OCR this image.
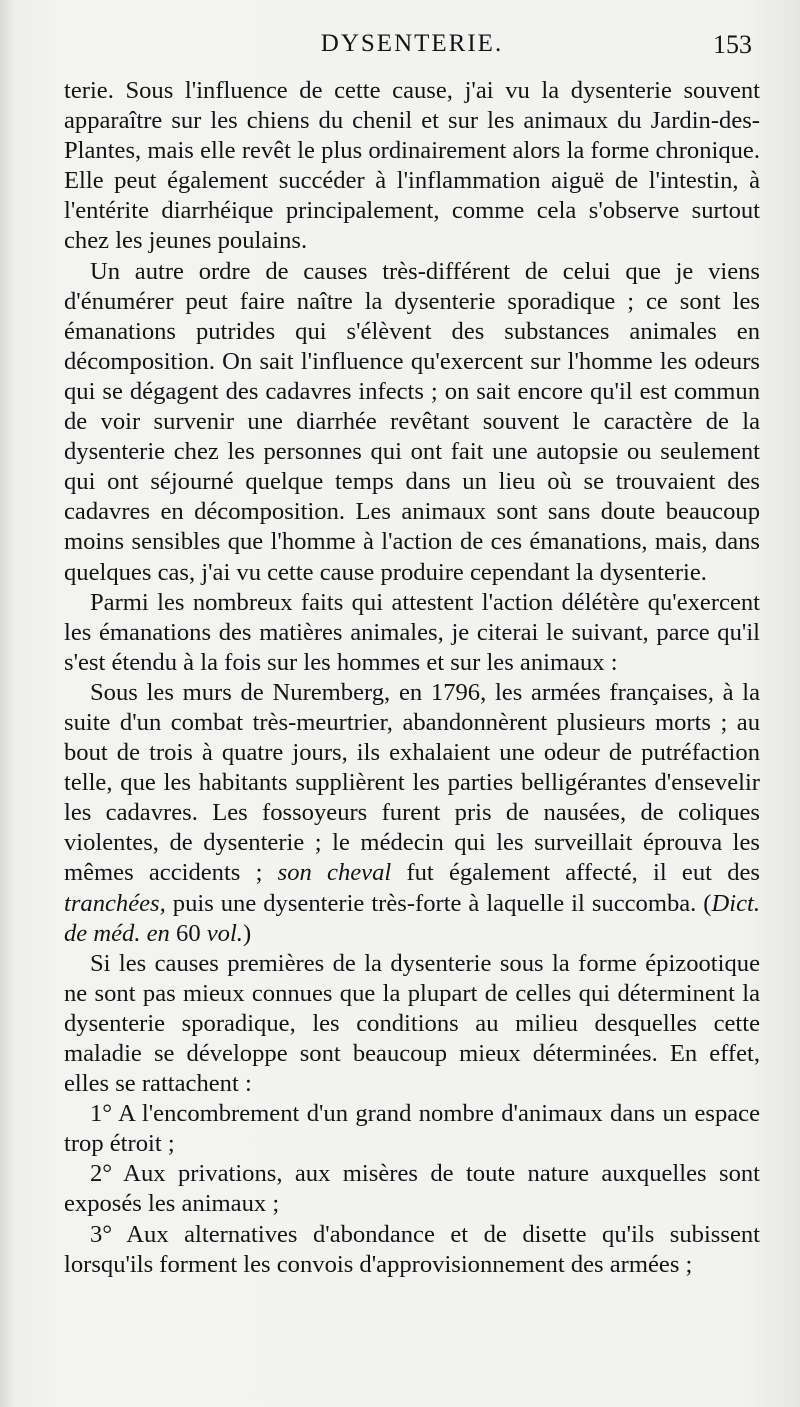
DYSENTERIE.	153

terie. Sous l'influence de cette cause, j'ai vu la dysenterie souvent apparaître sur les chiens du chenil et sur les animaux du Jardin-des-Plantes, mais elle revêt le plus ordinairement alors la forme chronique. Elle peut également succéder à l'inflammation aiguë de l'intestin, à l'entérite diarrhéique principalement, comme cela s'observe surtout chez les jeunes poulains.

Un autre ordre de causes très-différent de celui que je viens d'énumérer peut faire naître la dysenterie sporadique ; ce sont les émanations putrides qui s'élèvent des substances animales en décomposition. On sait l'influence qu'exercent sur l'homme les odeurs qui se dégagent des cadavres infects ; on sait encore qu'il est commun de voir survenir une diarrhée revêtant souvent le caractère de la dysenterie chez les personnes qui ont fait une autopsie ou seulement qui ont séjourné quelque temps dans un lieu où se trouvaient des cadavres en décomposition. Les animaux sont sans doute beaucoup moins sensibles que l'homme à l'action de ces émanations, mais, dans quelques cas, j'ai vu cette cause produire cependant la dysenterie.

Parmi les nombreux faits qui attestent l'action délétère qu'exercent les émanations des matières animales, je citerai le suivant, parce qu'il s'est étendu à la fois sur les hommes et sur les animaux :

Sous les murs de Nuremberg, en 1796, les armées françaises, à la suite d'un combat très-meurtrier, abandonnèrent plusieurs morts ; au bout de trois à quatre jours, ils exhalaient une odeur de putréfaction telle, que les habitants supplièrent les parties belligérantes d'ensevelir les cadavres. Les fossoyeurs furent pris de nausées, de coliques violentes, de dysenterie ; le médecin qui les surveillait éprouva les mêmes accidents ; son cheval fut également affecté, il eut des tranchées, puis une dysenterie très-forte à laquelle il succomba. (Dict. de méd. en 60 vol.)

Si les causes premières de la dysenterie sous la forme épizootique ne sont pas mieux connues que la plupart de celles qui déterminent la dysenterie sporadique, les conditions au milieu desquelles cette maladie se développe sont beaucoup mieux déterminées. En effet, elles se rattachent :

1° A l'encombrement d'un grand nombre d'animaux dans un espace trop étroit ;

2° Aux privations, aux misères de toute nature auxquelles sont exposés les animaux ;

3° Aux alternatives d'abondance et de disette qu'ils subissent lorsqu'ils forment les convois d'approvisionnement des armées ;
